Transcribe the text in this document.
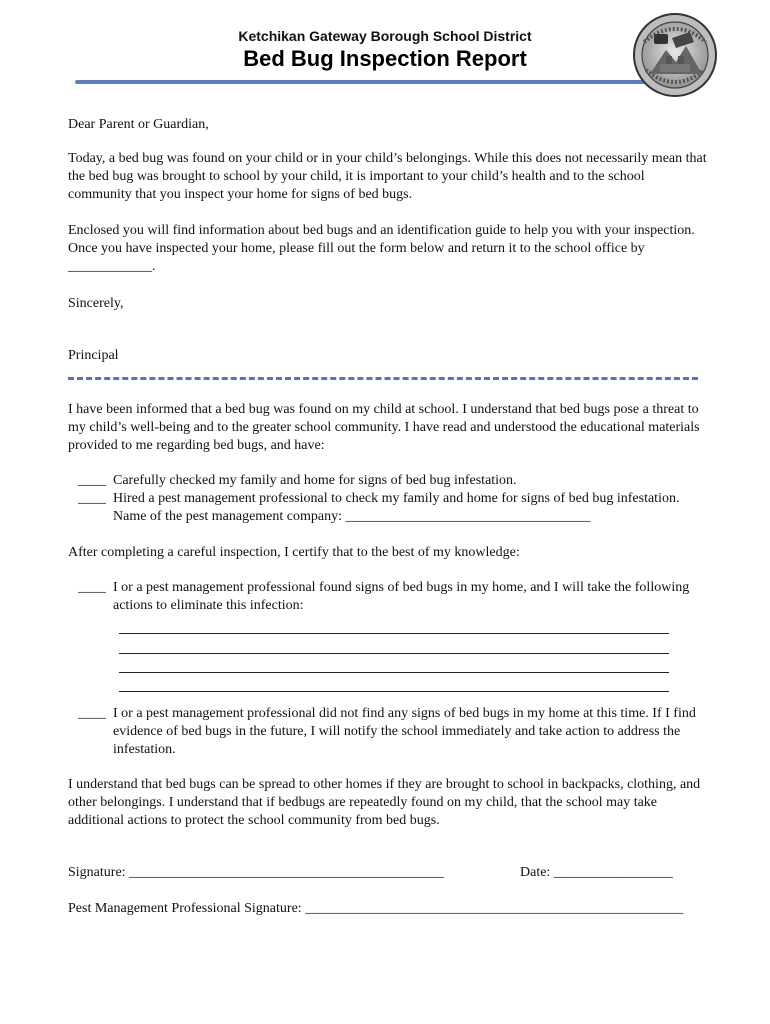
Ketchikan Gateway Borough School District
Bed Bug Inspection Report

Dear Parent or Guardian,

Today, a bed bug was found on your child or in your child’s belongings. While this does not necessarily mean that the bed bug was brought to school by your child, it is important to your child’s health and to the school community that you inspect your home for signs of bed bugs.

Enclosed you will find information about bed bugs and an identification guide to help you with your inspection. Once you have inspected your home, please fill out the form below and return it to the school office by ____________.

Sincerely,

Principal

I have been informed that a bed bug was found on my child at school. I understand that bed bugs pose a threat to my child’s well-being and to the greater school community. I have read and understood the educational materials provided to me regarding bed bugs, and have:

____ Carefully checked my family and home for signs of bed bug infestation.
____ Hired a pest management professional to check my family and home for signs of bed bug infestation. Name of the pest management company: ___________________________________

After completing a careful inspection, I certify that to the best of my knowledge:

____ I or a pest management professional found signs of bed bugs in my home, and I will take the following actions to eliminate this infection:
____ I or a pest management professional did not find any signs of bed bugs in my home at this time. If I find evidence of bed bugs in the future, I will notify the school immediately and take action to address the infestation.

I understand that bed bugs can be spread to other homes if they are brought to school in backpacks, clothing, and other belongings. I understand that if bedbugs are repeatedly found on my child, that the school may take additional actions to protect the school community from bed bugs.

Signature: _____________________________________________	Date: _________________
Pest Management Professional Signature: ______________________________________________________
